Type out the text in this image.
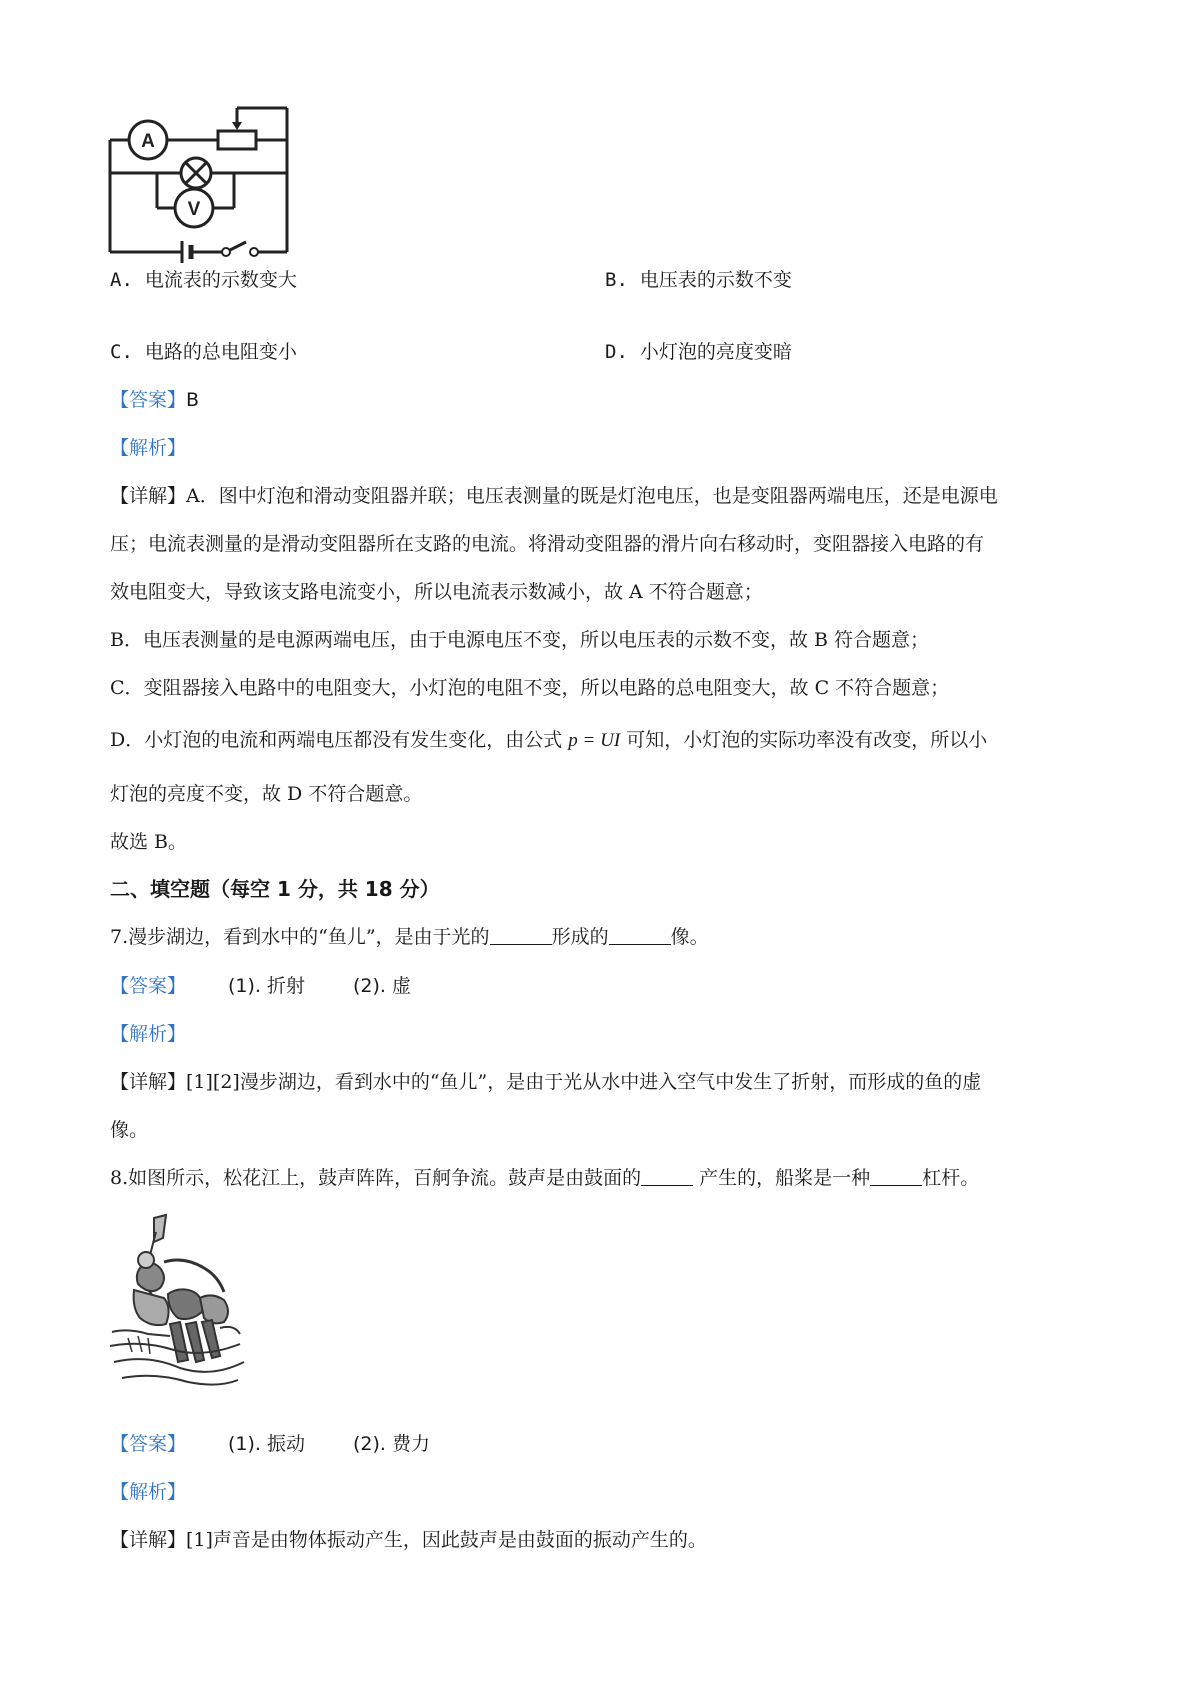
A
V
A. 电流表的示数变大	B. 电压表的示数不变
C. 电路的总电阻变小	D. 小灯泡的亮度变暗
【答案】B
【解析】
【详解】A．图中灯泡和滑动变阻器并联；电压表测量的既是灯泡电压，也是变阻器两端电压，还是电源电
压；电流表测量的是滑动变阻器所在支路的电流。将滑动变阻器的滑片向右移动时，变阻器接入电路的有
效电阻变大，导致该支路电流变小，所以电流表示数减小，故 A 不符合题意；
B．电压表测量的是电源两端电压，由于电源电压不变，所以电压表的示数不变，故 B 符合题意；
C．变阻器接入电路中的电阻变大，小灯泡的电阻不变，所以电路的总电阻变大，故 C 不符合题意；
D．小灯泡的电流和两端电压都没有发生变化，由公式 p = UI 可知，小灯泡的实际功率没有改变，所以小
灯泡的亮度不变，故 D 不符合题意。
故选 B。
二、填空题（每空 1 分，共 18 分）
7.漫步湖边，看到水中的“鱼儿”，是由于光的	形成的	像。
【答案】 (1). 折射	(2). 虚
【解析】
【详解】[1][2]漫步湖边，看到水中的“鱼儿”，是由于光从水中进入空气中发生了折射，而形成的鱼的虚
像。
8.如图所示，松花江上，鼓声阵阵，百舸争流。鼓声是由鼓面的	产生的，船桨是一种	杠杆。
【答案】 (1). 振动	(2). 费力
【解析】
【详解】[1]声音是由物体振动产生，因此鼓声是由鼓面的振动产生的。
